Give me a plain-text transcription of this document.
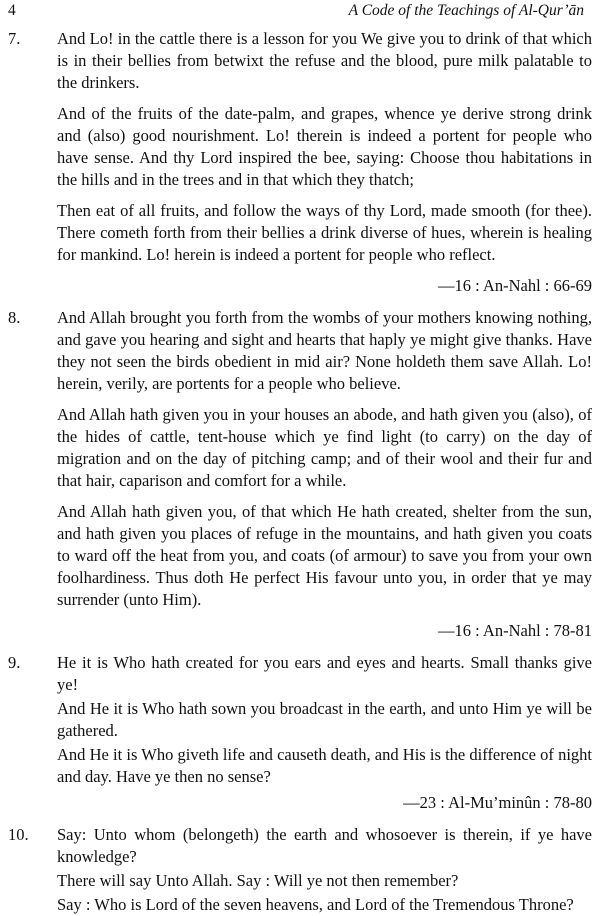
4	A Code of the Teachings of Al-Qur’ān
7. And Lo! in the cattle there is a lesson for you We give you to drink of that which is in their bellies from betwixt the refuse and the blood, pure milk palatable to the drinkers.

And of the fruits of the date-palm, and grapes, whence ye derive strong drink and (also) good nourishment. Lo! therein is indeed a portent for people who have sense. And thy Lord inspired the bee, saying: Choose thou habitations in the hills and in the trees and in that which they thatch;

Then eat of all fruits, and follow the ways of thy Lord, made smooth (for thee). There cometh forth from their bellies a drink diverse of hues, wherein is healing for mankind. Lo! herein is indeed a portent for people who reflect.

—16 : An-Nahl : 66-69
8. And Allah brought you forth from the wombs of your mothers knowing nothing, and gave you hearing and sight and hearts that haply ye might give thanks. Have they not seen the birds obedient in mid air? None holdeth them save Allah. Lo! herein, verily, are portents for a people who believe.

And Allah hath given you in your houses an abode, and hath given you (also), of the hides of cattle, tent-house which ye find light (to carry) on the day of migration and on the day of pitching camp; and of their wool and their fur and that hair, caparison and comfort for a while.

And Allah hath given you, of that which He hath created, shelter from the sun, and hath given you places of refuge in the mountains, and hath given you coats to ward off the heat from you, and coats (of armour) to save you from your own foolhardiness. Thus doth He perfect His favour unto you, in order that ye may surrender (unto Him).

—16 : An-Nahl : 78-81
9. He it is Who hath created for you ears and eyes and hearts. Small thanks give ye!

And He it is Who hath sown you broadcast in the earth, and unto Him ye will be gathered.

And He it is Who giveth life and causeth death, and His is the difference of night and day. Have ye then no sense?

—23 : Al-Mu’minûn : 78-80
10. Say: Unto whom (belongeth) the earth and whosoever is therein, if ye have knowledge?

There will say Unto Allah. Say : Will ye not then remember?

Say : Who is Lord of the seven heavens, and Lord of the Tremendous Throne?
